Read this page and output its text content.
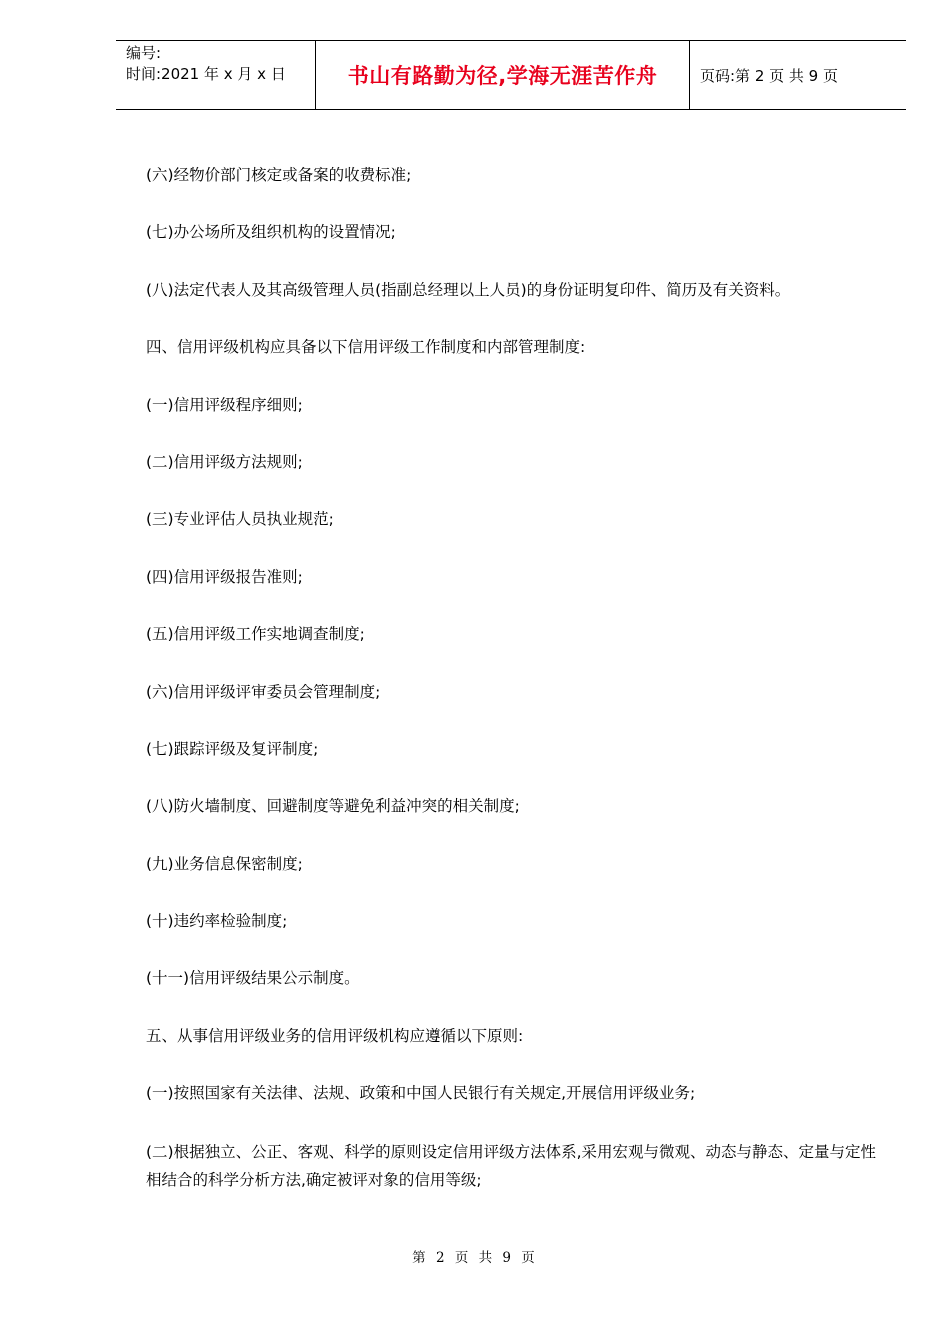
编号:
时间:2021 年 x 月 x 日	书山有路勤为径,学海无涯苦作舟	页码:第 2 页 共 9 页

(六)经物价部门核定或备案的收费标准;

(七)办公场所及组织机构的设置情况;

(八)法定代表人及其高级管理人员(指副总经理以上人员)的身份证明复印件、简历及有关资料。

四、信用评级机构应具备以下信用评级工作制度和内部管理制度:

(一)信用评级程序细则;

(二)信用评级方法规则;

(三)专业评估人员执业规范;

(四)信用评级报告准则;

(五)信用评级工作实地调查制度;

(六)信用评级评审委员会管理制度;

(七)跟踪评级及复评制度;

(八)防火墙制度、回避制度等避免利益冲突的相关制度;

(九)业务信息保密制度;

(十)违约率检验制度;

(十一)信用评级结果公示制度。

五、从事信用评级业务的信用评级机构应遵循以下原则:

(一)按照国家有关法律、法规、政策和中国人民银行有关规定,开展信用评级业务;

(二)根据独立、公正、客观、科学的原则设定信用评级方法体系,采用宏观与微观、动态与静态、定量与定性相结合的科学分析方法,确定被评对象的信用等级;

第 2 页 共 9 页
